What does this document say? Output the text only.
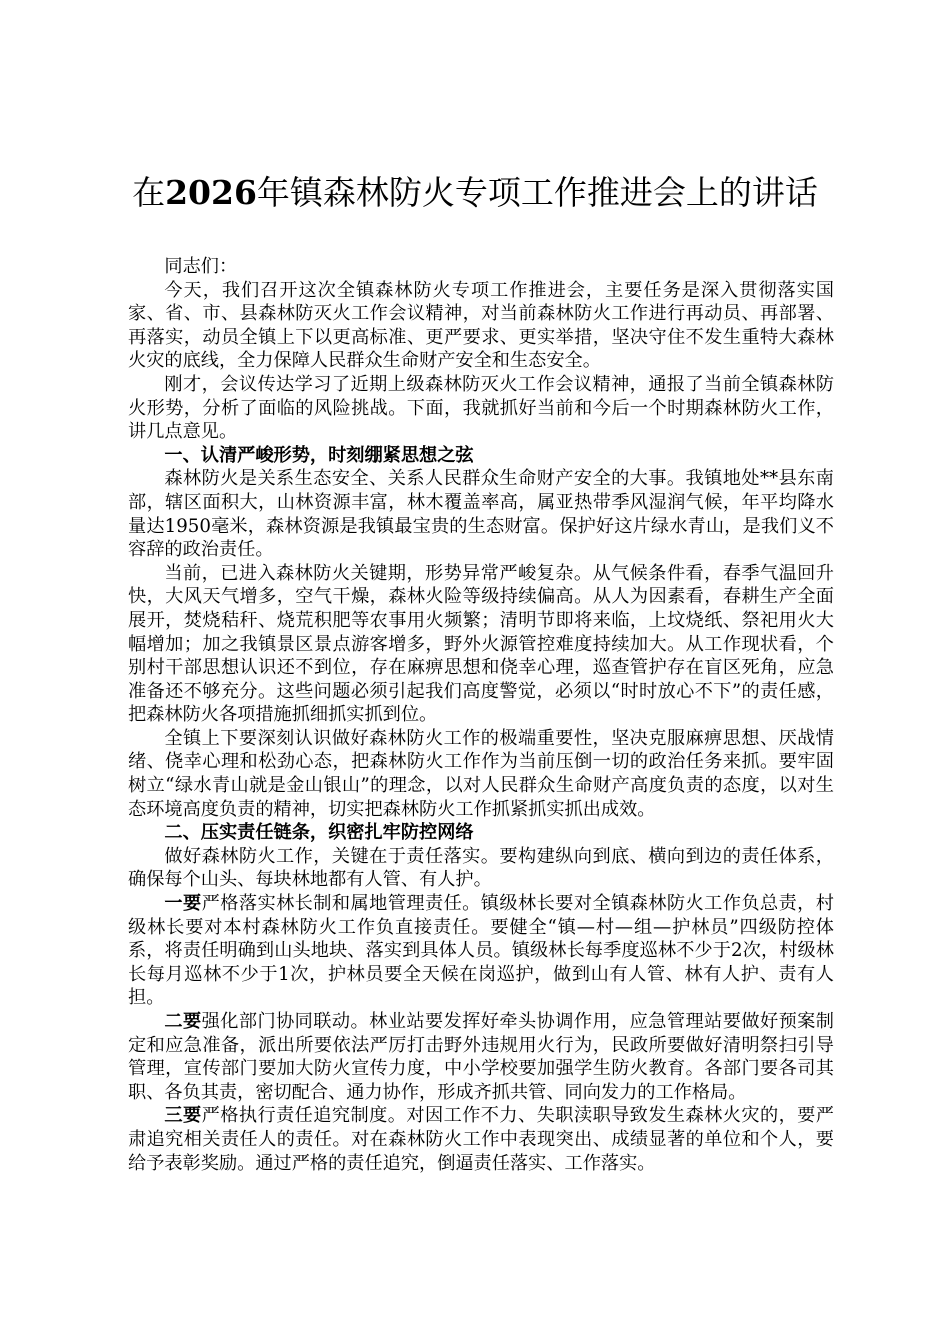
在2026年镇森林防火专项工作推进会上的讲话

同志们：

今天，我们召开这次全镇森林防火专项工作推进会，主要任务是深入贯彻落实国家、省、市、县森林防灭火工作会议精神，对当前森林防火工作进行再动员、再部署、再落实，动员全镇上下以更高标准、更严要求、更实举措，坚决守住不发生重特大森林火灾的底线，全力保障人民群众生命财产安全和生态安全。

刚才，会议传达学习了近期上级森林防灭火工作会议精神，通报了当前全镇森林防火形势，分析了面临的风险挑战。下面，我就抓好当前和今后一个时期森林防火工作，讲几点意见。

一、认清严峻形势，时刻绷紧思想之弦

森林防火是关系生态安全、关系人民群众生命财产安全的大事。我镇地处**县东南部，辖区面积大，山林资源丰富，林木覆盖率高，属亚热带季风湿润气候，年平均降水量达1950毫米，森林资源是我镇最宝贵的生态财富。保护好这片绿水青山，是我们义不容辞的政治责任。

当前，已进入森林防火关键期，形势异常严峻复杂。从气候条件看，春季气温回升快，大风天气增多，空气干燥，森林火险等级持续偏高。从人为因素看，春耕生产全面展开，焚烧秸秆、烧荒积肥等农事用火频繁；清明节即将来临，上坟烧纸、祭祀用火大幅增加；加之我镇景区景点游客增多，野外火源管控难度持续加大。从工作现状看，个别村干部思想认识还不到位，存在麻痹思想和侥幸心理，巡查管护存在盲区死角，应急准备还不够充分。这些问题必须引起我们高度警觉，必须以“时时放心不下”的责任感，把森林防火各项措施抓细抓实抓到位。

全镇上下要深刻认识做好森林防火工作的极端重要性，坚决克服麻痹思想、厌战情绪、侥幸心理和松劲心态，把森林防火工作作为当前压倒一切的政治任务来抓。要牢固树立“绿水青山就是金山银山”的理念，以对人民群众生命财产高度负责的态度，以对生态环境高度负责的精神，切实把森林防火工作抓紧抓实抓出成效。

二、压实责任链条，织密扎牢防控网络

做好森林防火工作，关键在于责任落实。要构建纵向到底、横向到边的责任体系，确保每个山头、每块林地都有人管、有人护。

一要严格落实林长制和属地管理责任。镇级林长要对全镇森林防火工作负总责，村级林长要对本村森林防火工作负直接责任。要健全“镇—村—组—护林员”四级防控体系，将责任明确到山头地块、落实到具体人员。镇级林长每季度巡林不少于2次，村级林长每月巡林不少于1次，护林员要全天候在岗巡护，做到山有人管、林有人护、责有人担。

二要强化部门协同联动。林业站要发挥好牵头协调作用，应急管理站要做好预案制定和应急准备，派出所要依法严厉打击野外违规用火行为，民政所要做好清明祭扫引导管理，宣传部门要加大防火宣传力度，中小学校要加强学生防火教育。各部门要各司其职、各负其责，密切配合、通力协作，形成齐抓共管、同向发力的工作格局。

三要严格执行责任追究制度。对因工作不力、失职渎职导致发生森林火灾的，要严肃追究相关责任人的责任。对在森林防火工作中表现突出、成绩显著的单位和个人，要给予表彰奖励。通过严格的责任追究，倒逼责任落实、工作落实。
